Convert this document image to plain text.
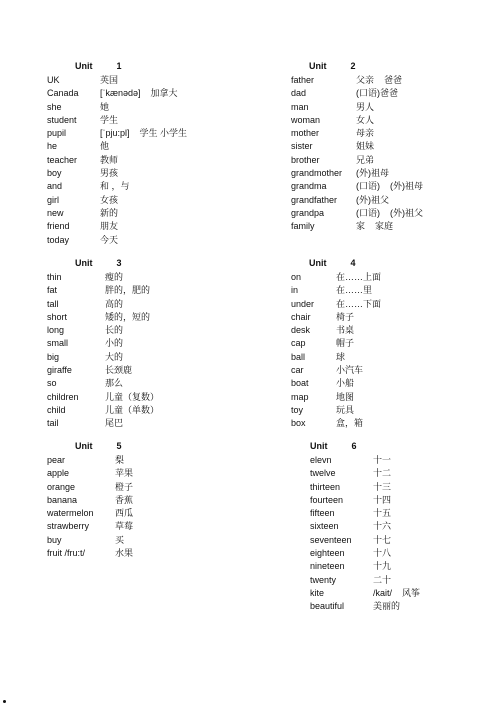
Unit	1
UK	英国
Canada [ˈkænədə] 加拿大
she	她
student	学生
pupil	[ˈpju:pl] 学生 小学生
he	他
teacher	教师
boy	男孩
and	和 ，与
girl	女孩
new	新的
friend	朋友
today	今天
Unit	2
father	父亲 爸爸
dad	(口语)爸爸
man	男人
woman	女人
mother	母亲
sister	姐妹
brother	兄弟
grandmother (外)祖母
grandma	(口语) (外)祖母
grandfather (外)祖父
grandpa	(口语) (外)祖父
family	家 家庭
Unit	3
thin	瘦的
fat	胖的，肥的
tall	高的
short	矮的，短的
long	长的
small	小的
big	大的
giraffe	长颈鹿
so	那么
children	儿童（复数）
child	儿童（单数）
tail	尾巴
Unit	4
on	在……上面
in	在……里
under 在……下面
chair	椅子
desk	书桌
cap	帽子
ball	球
car	小汽车
boat	小船
map	地图
toy	玩具
box	盒，箱
Unit	5
pear	梨
apple	苹果
orange	橙子
banana	香蕉
watermelon 西瓜
strawberry	草莓
buy	买
fruit /fru:t/	水果
Unit	6
elevn	十一
twelve	十二
thirteen	十三
fourteen	十四
fifteen	十五
sixteen	十六
seventeen 十七
eighteen	十八
nineteen	十九
twenty	二十
kite	/kait/ 风筝
beautiful	美丽的
